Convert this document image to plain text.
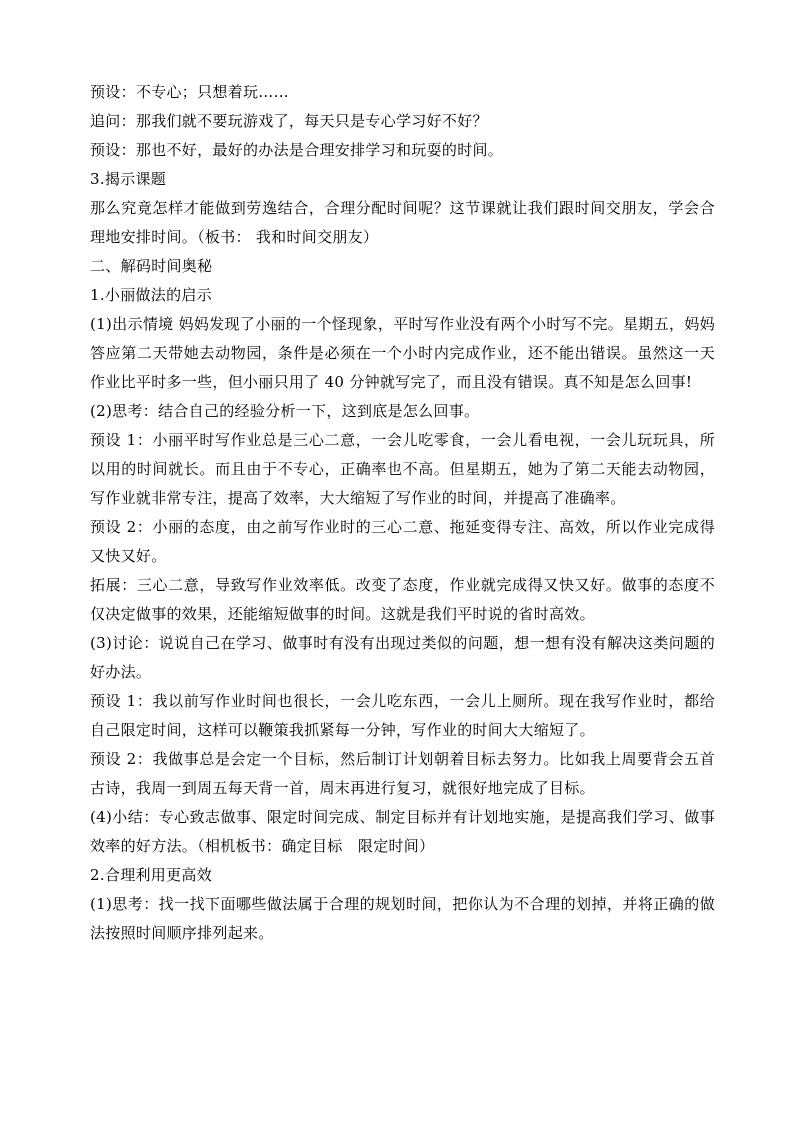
预设：不专心；只想着玩……

追问：那我们就不要玩游戏了，每天只是专心学习好不好？

预设：那也不好，最好的办法是合理安排学习和玩耍的时间。

3.揭示课题

那么究竟怎样才能做到劳逸结合，合理分配时间呢？这节课就让我们跟时间交朋友，学会合理地安排时间。（板书： 我和时间交朋友）

二、解码时间奥秘

1.小丽做法的启示

(1)出示情境 妈妈发现了小丽的一个怪现象，平时写作业没有两个小时写不完。星期五，妈妈答应第二天带她去动物园，条件是必须在一个小时内完成作业，还不能出错误。虽然这一天作业比平时多一些，但小丽只用了 40 分钟就写完了，而且没有错误。真不知是怎么回事!

(2)思考：结合自己的经验分析一下，这到底是怎么回事。

预设 1：小丽平时写作业总是三心二意，一会儿吃零食，一会儿看电视，一会儿玩玩具，所以用的时间就长。而且由于不专心，正确率也不高。但星期五，她为了第二天能去动物园，写作业就非常专注，提高了效率，大大缩短了写作业的时间，并提高了准确率。

预设 2：小丽的态度，由之前写作业时的三心二意、拖延变得专注、高效，所以作业完成得又快又好。

拓展：三心二意，导致写作业效率低。改变了态度，作业就完成得又快又好。做事的态度不仅决定做事的效果，还能缩短做事的时间。这就是我们平时说的省时高效。

(3)讨论：说说自己在学习、做事时有没有出现过类似的问题，想一想有没有解决这类问题的好办法。

预设 1：我以前写作业时间也很长，一会儿吃东西，一会儿上厕所。现在我写作业时，都给自己限定时间，这样可以鞭策我抓紧每一分钟，写作业的时间大大缩短了。

预设 2：我做事总是会定一个目标，然后制订计划朝着目标去努力。比如我上周要背会五首古诗，我周一到周五每天背一首，周末再进行复习，就很好地完成了目标。

(4)小结：专心致志做事、限定时间完成、制定目标并有计划地实施，是提高我们学习、做事效率的好方法。（相机板书：确定目标　限定时间）

2.合理利用更高效

(1)思考：找一找下面哪些做法属于合理的规划时间，把你认为不合理的划掉，并将正确的做法按照时间顺序排列起来。
